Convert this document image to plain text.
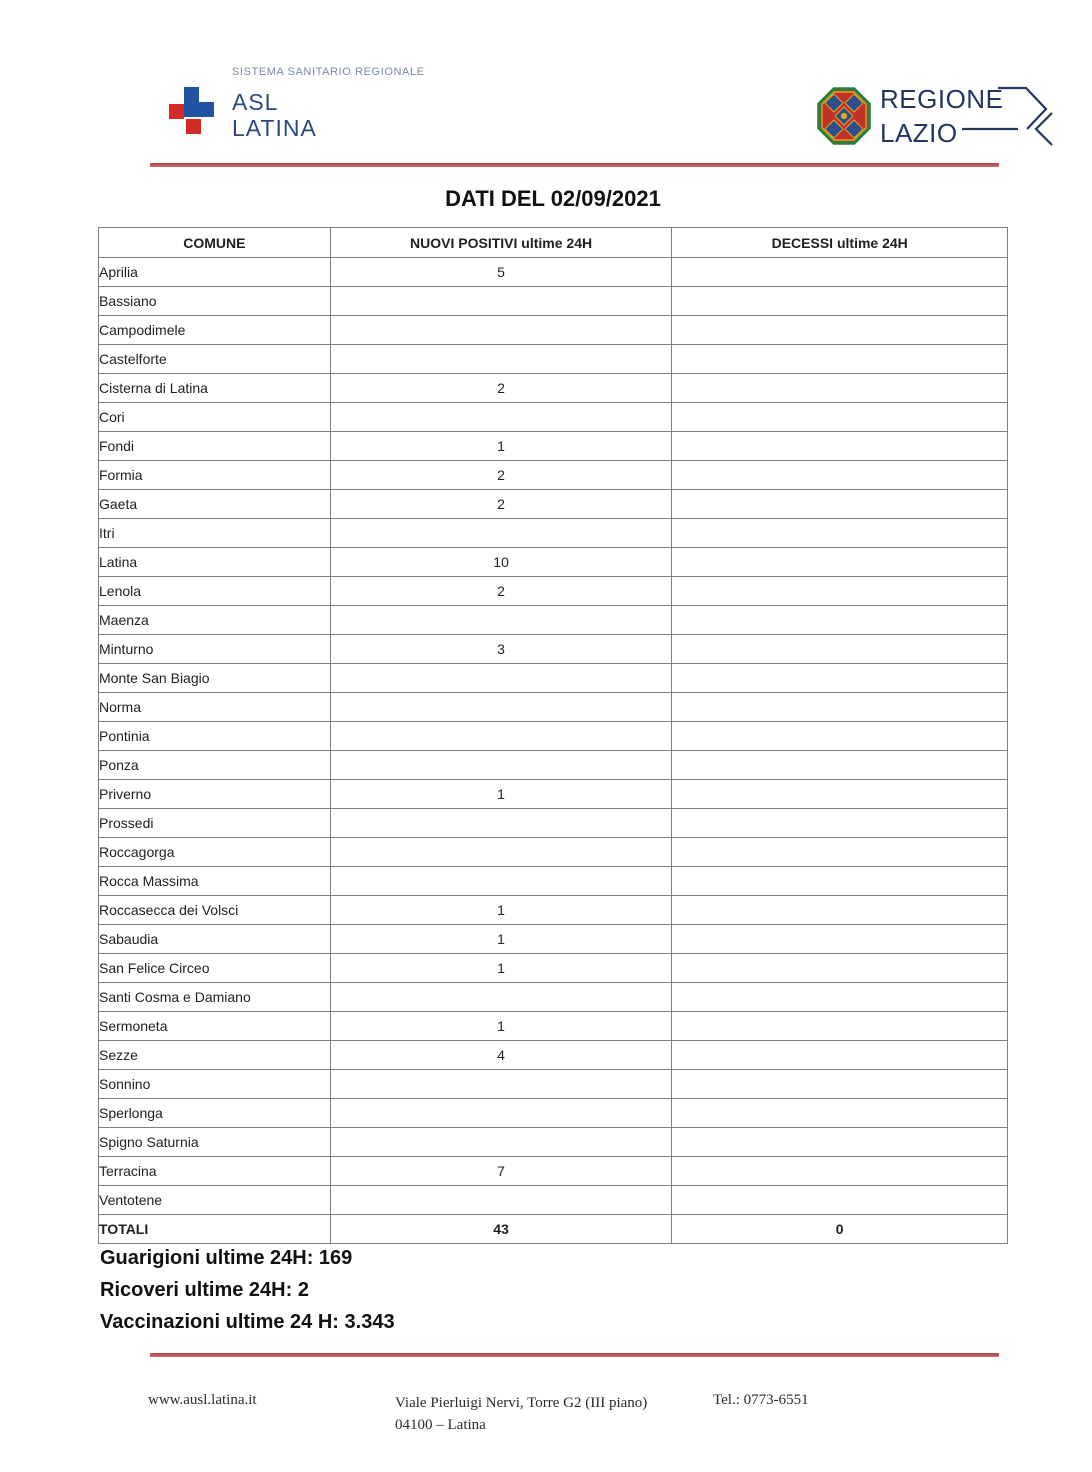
SISTEMA SANITARIO REGIONALE
ASL
LATINA
REGIONE
LAZIO
DATI DEL 02/09/2021
COMUNE	NUOVI POSITIVI ultime 24H	DECESSI ultime 24H
Aprilia	5	
Bassiano		
Campodimele		
Castelforte		
Cisterna di Latina	2	
Cori		
Fondi	1	
Formia	2	
Gaeta	2	
Itri		
Latina	10	
Lenola	2	
Maenza		
Minturno	3	
Monte San Biagio		
Norma		
Pontinia		
Ponza		
Priverno	1	
Prossedi		
Roccagorga		
Rocca Massima		
Roccasecca dei Volsci	1	
Sabaudia	1	
San Felice Circeo	1	
Santi Cosma e Damiano		
Sermoneta	1	
Sezze	4	
Sonnino		
Sperlonga		
Spigno Saturnia		
Terracina	7	
Ventotene		
TOTALI	43	0
Guarigioni ultime 24H: 169
Ricoveri ultime 24H: 2
Vaccinazioni ultime 24 H: 3.343
www.ausl.latina.it	Viale Pierluigi Nervi, Torre G2 (III piano)
04100 – Latina
Tel.: 0773-6551
